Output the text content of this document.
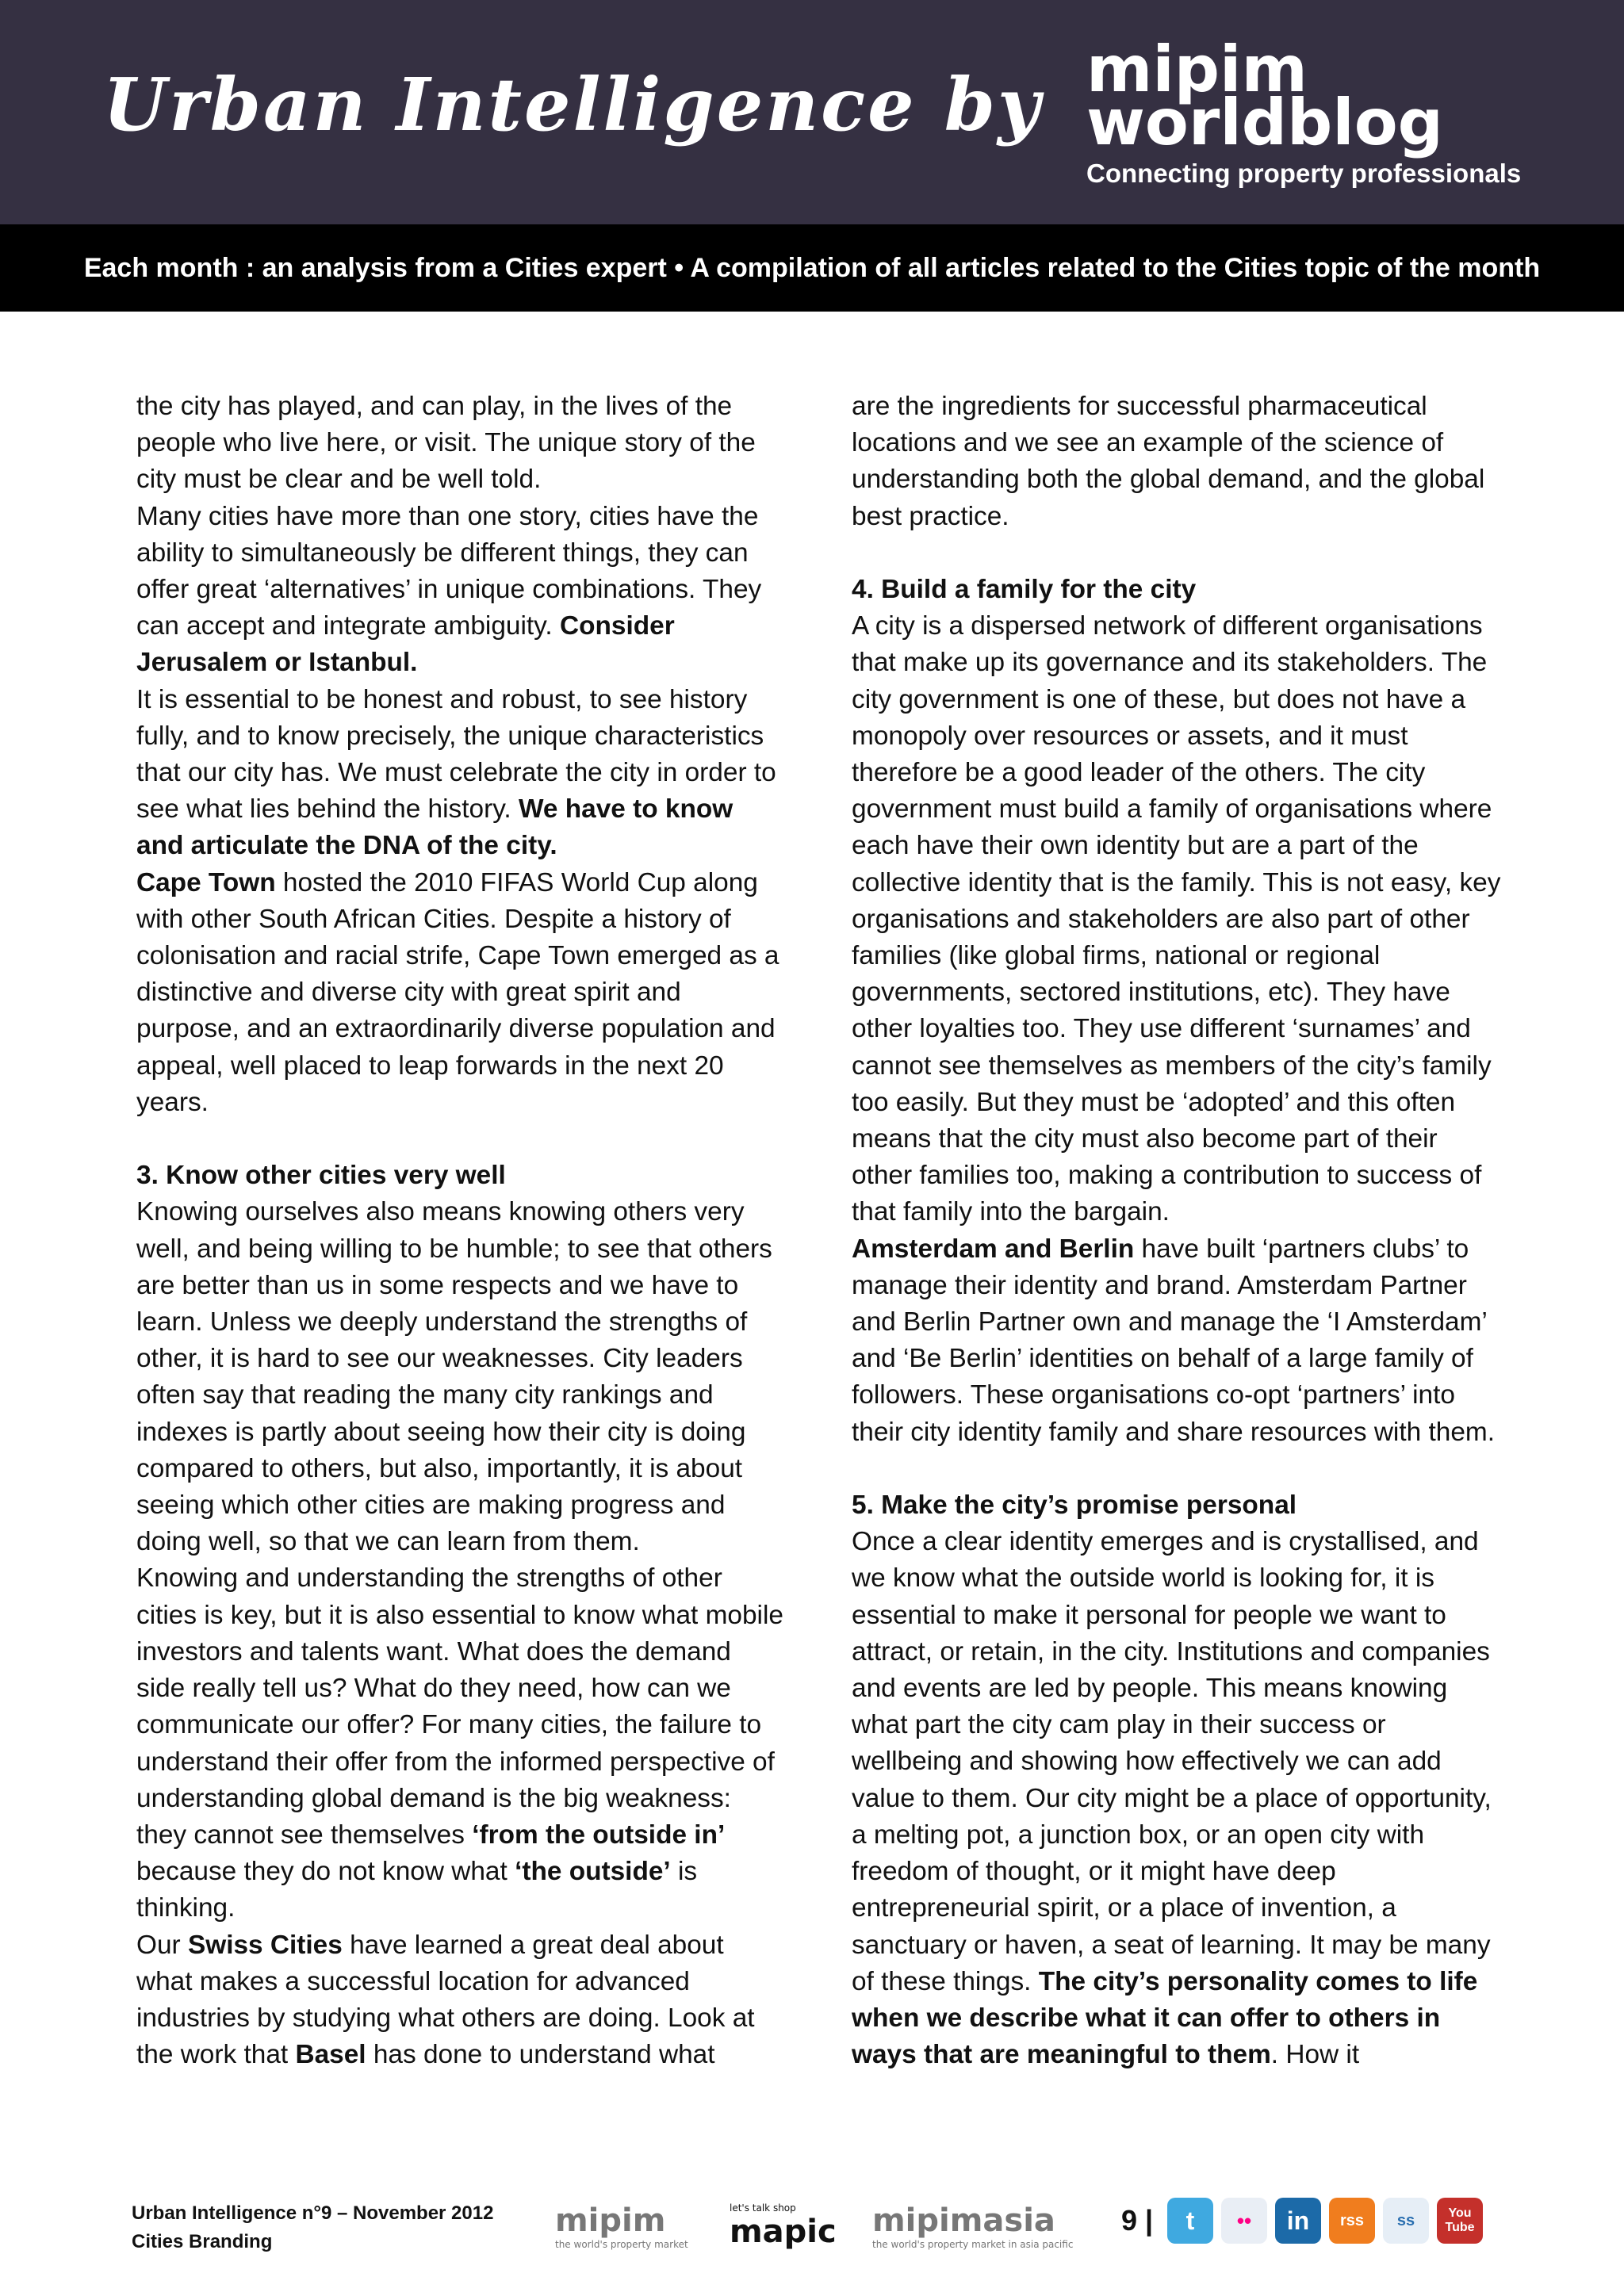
Urban Intelligence by mipim
worldblog
Connecting property professionals
Each month : an analysis from a Cities expert • A compilation of all articles related to the Cities topic of the month

the city has played, and can play, in the lives of the people who live here, or visit. The unique story of the city must be clear and be well told.

Many cities have more than one story, cities have the ability to simultaneously be different things, they can offer great ‘alternatives’ in unique combinations. They can accept and integrate ambiguity. Consider Jerusalem or Istanbul.

It is essential to be honest and robust, to see history fully, and to know precisely, the unique characteristics that our city has. We must celebrate the city in order to see what lies behind the history. We have to know and articulate the DNA of the city.

Cape Town hosted the 2010 FIFAS World Cup along with other South African Cities. Despite a history of colonisation and racial strife, Cape Town emerged as a distinctive and diverse city with great spirit and purpose, and an extraordinarily diverse population and appeal, well placed to leap forwards in the next 20 years.

3. Know other cities very well

Knowing ourselves also means knowing others very well, and being willing to be humble; to see that others are better than us in some respects and we have to learn. Unless we deeply understand the strengths of other, it is hard to see our weaknesses. City leaders often say that reading the many city rankings and indexes is partly about seeing how their city is doing compared to others, but also, importantly, it is about seeing which other cities are making progress and doing well, so that we can learn from them.

Knowing and understanding the strengths of other cities is key, but it is also essential to know what mobile investors and talents want. What does the demand side really tell us? What do they need, how can we communicate our offer? For many cities, the failure to understand their offer from the informed perspective of understanding global demand is the big weakness: they cannot see themselves ‘from the outside in’ because they do not know what ‘the outside’ is thinking.

Our Swiss Cities have learned a great deal about what makes a successful location for advanced industries by studying what others are doing. Look at the work that Basel has done to understand what

are the ingredients for successful pharmaceutical locations and we see an example of the science of understanding both the global demand, and the global best practice.

4. Build a family for the city

A city is a dispersed network of different organisations that make up its governance and its stakeholders. The city government is one of these, but does not have a monopoly over resources or assets, and it must therefore be a good leader of the others. The city government must build a family of organisations where each have their own identity but are a part of the collective identity that is the family. This is not easy, key organisations and stakeholders are also part of other families (like global firms, national or regional governments, sectored institutions, etc). They have other loyalties too. They use different ‘surnames’ and cannot see themselves as members of the city’s family too easily. But they must be ‘adopted’ and this often means that the city must also become part of their other families too, making a contribution to success of that family into the bargain.

Amsterdam and Berlin have built ‘partners clubs’ to manage their identity and brand. Amsterdam Partner and Berlin Partner own and manage the ‘I Amsterdam’ and ‘Be Berlin’ identities on behalf of a large family of followers. These organisations co-opt ‘partners’ into their city identity family and share resources with them.

5. Make the city’s promise personal

Once a clear identity emerges and is crystallised, and we know what the outside world is looking for, it is essential to make it personal for people we want to attract, or retain, in the city. Institutions and companies and events are led by people. This means knowing what part the city cam play in their success or wellbeing and showing how effectively we can add value to them. Our city might be a place of opportunity, a melting pot, a junction box, or an open city with freedom of thought, or it might have deep entrepreneurial spirit, or a place of invention, a sanctuary or haven, a seat of learning. It may be many of these things. The city’s personality comes to life when we describe what it can offer to others in ways that are meaningful to them. How it

Urban Intelligence n°9 – November 2012
Cities Branding
mipim
the world's property market
let's talk shop
mapic mipimasia
the world's property market in asia pacific
9 |	t	••	in	rss	ss	You Tube
